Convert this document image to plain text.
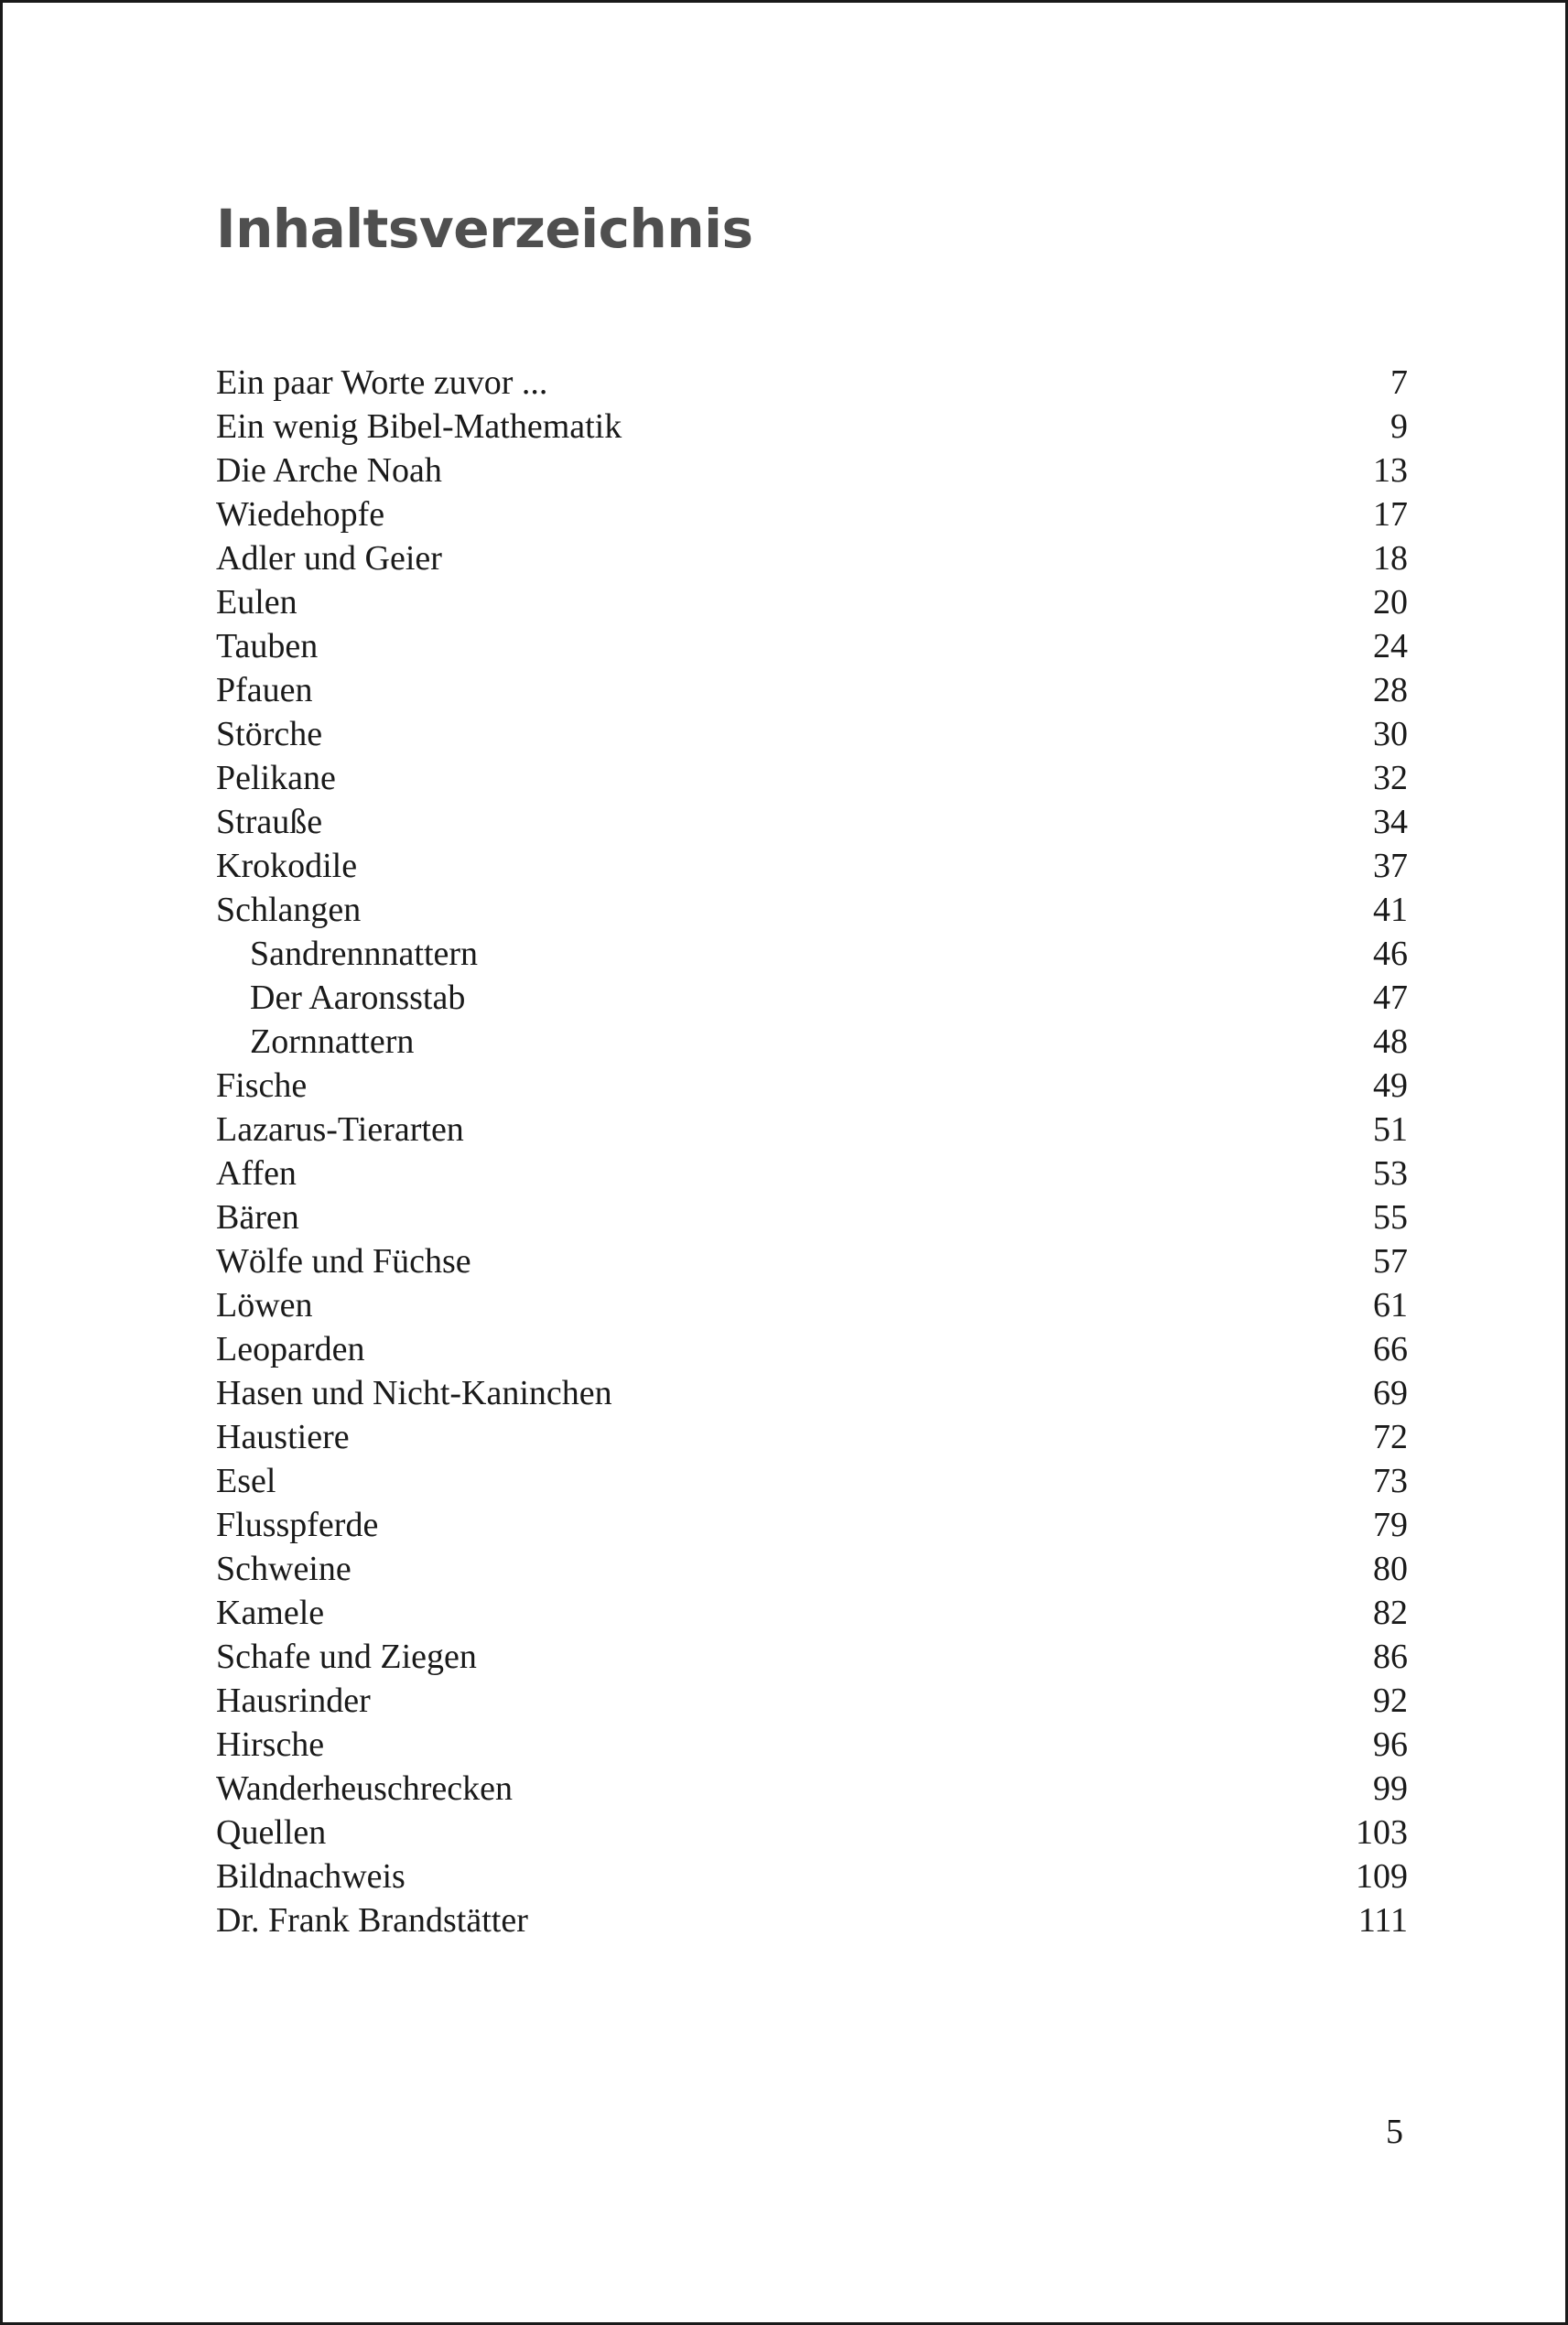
Inhaltsverzeichnis
Ein paar Worte zuvor ...	7
Ein wenig Bibel-Mathematik	9
Die Arche Noah	13
Wiedehopfe	17
Adler und Geier	18
Eulen	20
Tauben	24
Pfauen	28
Störche	30
Pelikane	32
Strauße	34
Krokodile	37
Schlangen	41
Sandrennnattern	46
Der Aaronsstab	47
Zornnattern	48
Fische	49
Lazarus-Tierarten	51
Affen	53
Bären	55
Wölfe und Füchse	57
Löwen	61
Leoparden	66
Hasen und Nicht-Kaninchen	69
Haustiere	72
Esel	73
Flusspferde	79
Schweine	80
Kamele	82
Schafe und Ziegen	86
Hausrinder	92
Hirsche	96
Wanderheuschrecken	99
Quellen	103
Bildnachweis	109
Dr. Frank Brandstätter	111
5
